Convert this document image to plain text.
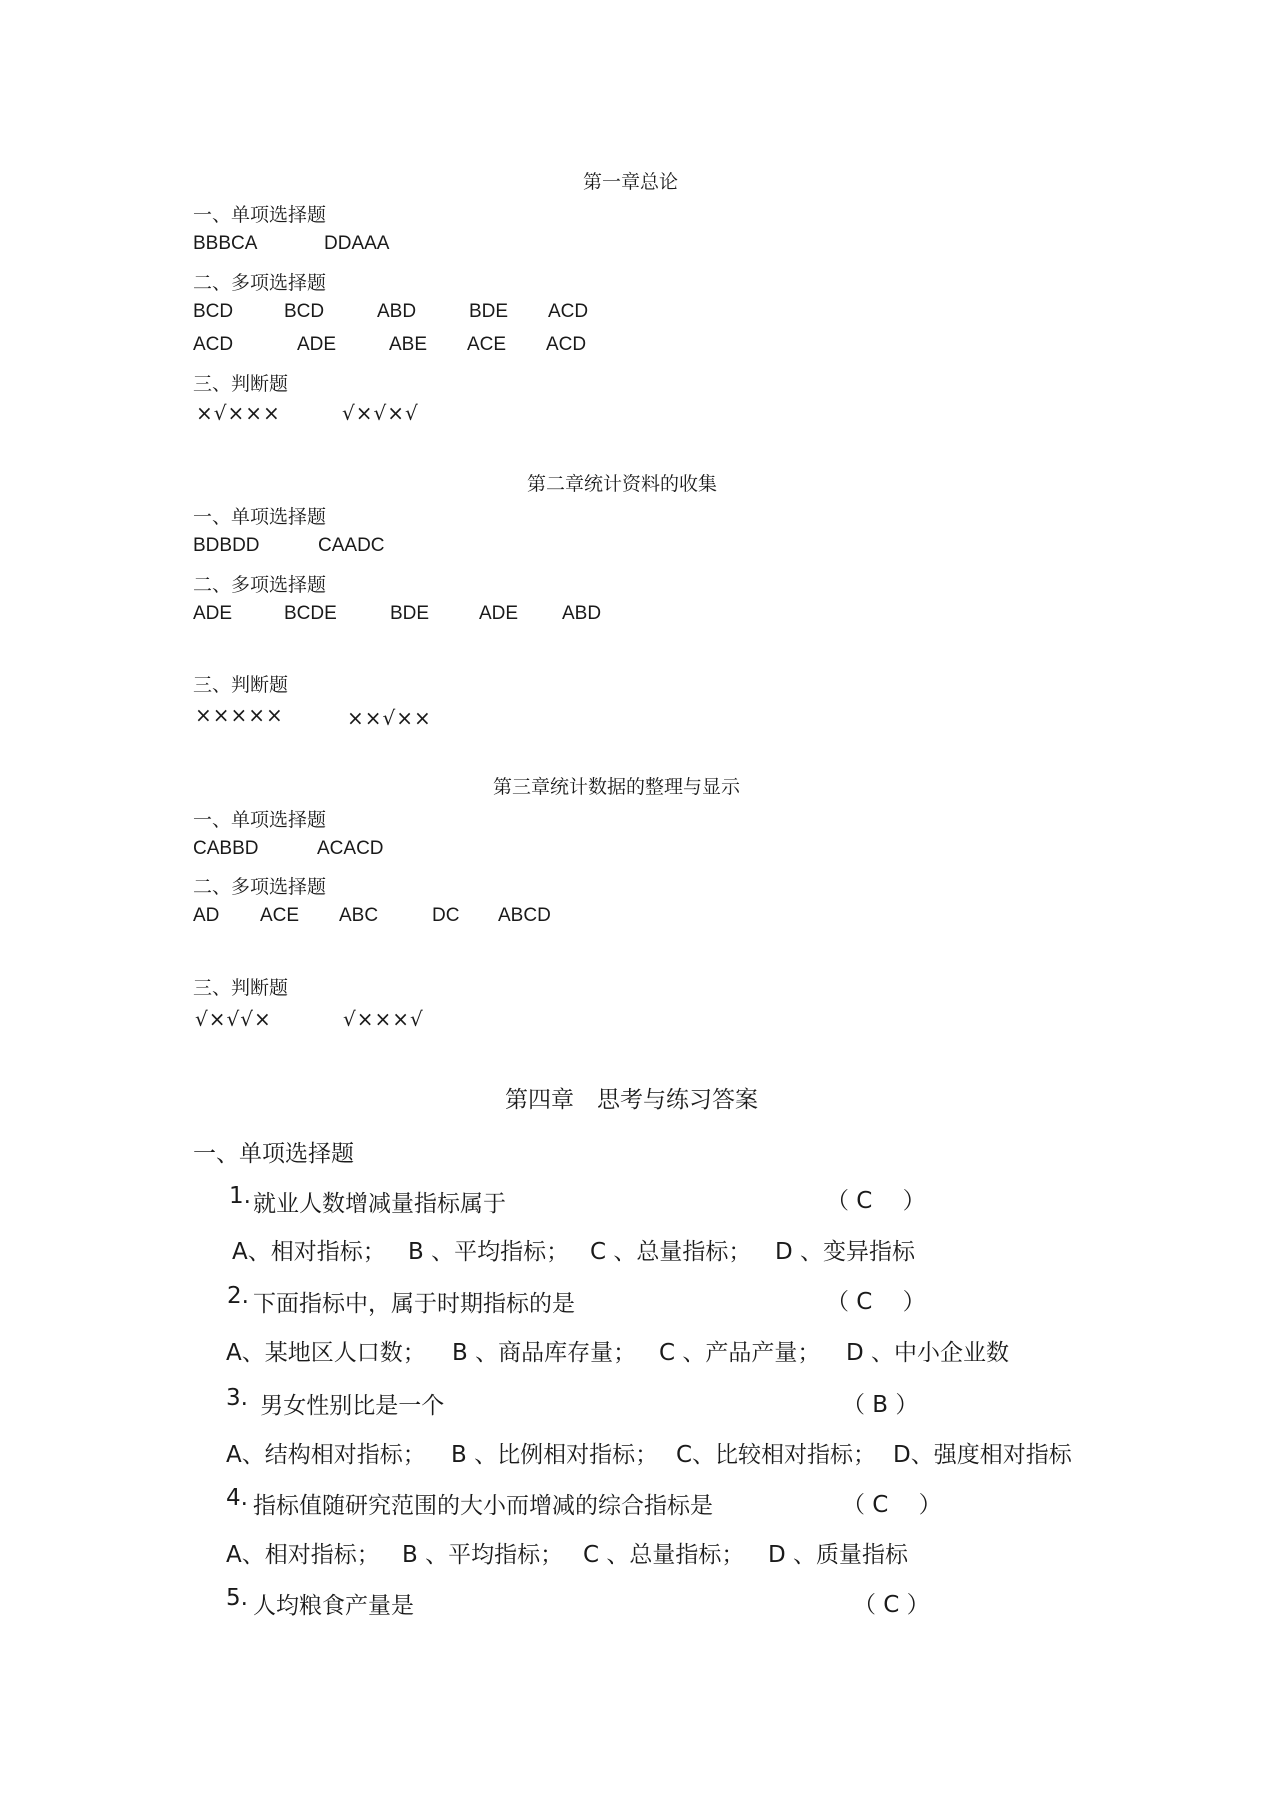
第一章总论
一、单项选择题
BBBCA	DDAAA
二、多项选择题
BCD	BCD	ABD	BDE ACD
ACD	ADE	ABE ACE ACD
三、判断题
×√×××	√×√×√
第二章统计资料的收集
一、单项选择题
BDBDD	CAADC
二、多项选择题
ADE	BCDE	BDE	ADE ABD
三、判断题
×××××	××√××
第三章统计数据的整理与显示
一、单项选择题
CABBD	ACACD
二、多项选择题
AD ACE ABC	DC ABCD
三、判断题
√×√√×	√×××√
第四章　思考与练习答案
一、单项选择题
1. 就业人数增减量指标属于	（ C 　）
A、相对指标； B 、平均指标； C 、总量指标； D 、变异指标
2. 下面指标中，属于时期指标的是	（ C 　）
A、某地区人口数； B 、商品库存量； C 、产品产量； D 、中小企业数
3. 男女性别比是一个	（ B ）
A、结构相对指标； B 、比例相对指标； C、比较相对指标； D、强度相对指标
4. 指标值随研究范围的大小而增减的综合指标是	（ C 　）
A、相对指标； B 、平均指标； C 、总量指标； D 、质量指标
5. 人均粮食产量是	（ C ）
